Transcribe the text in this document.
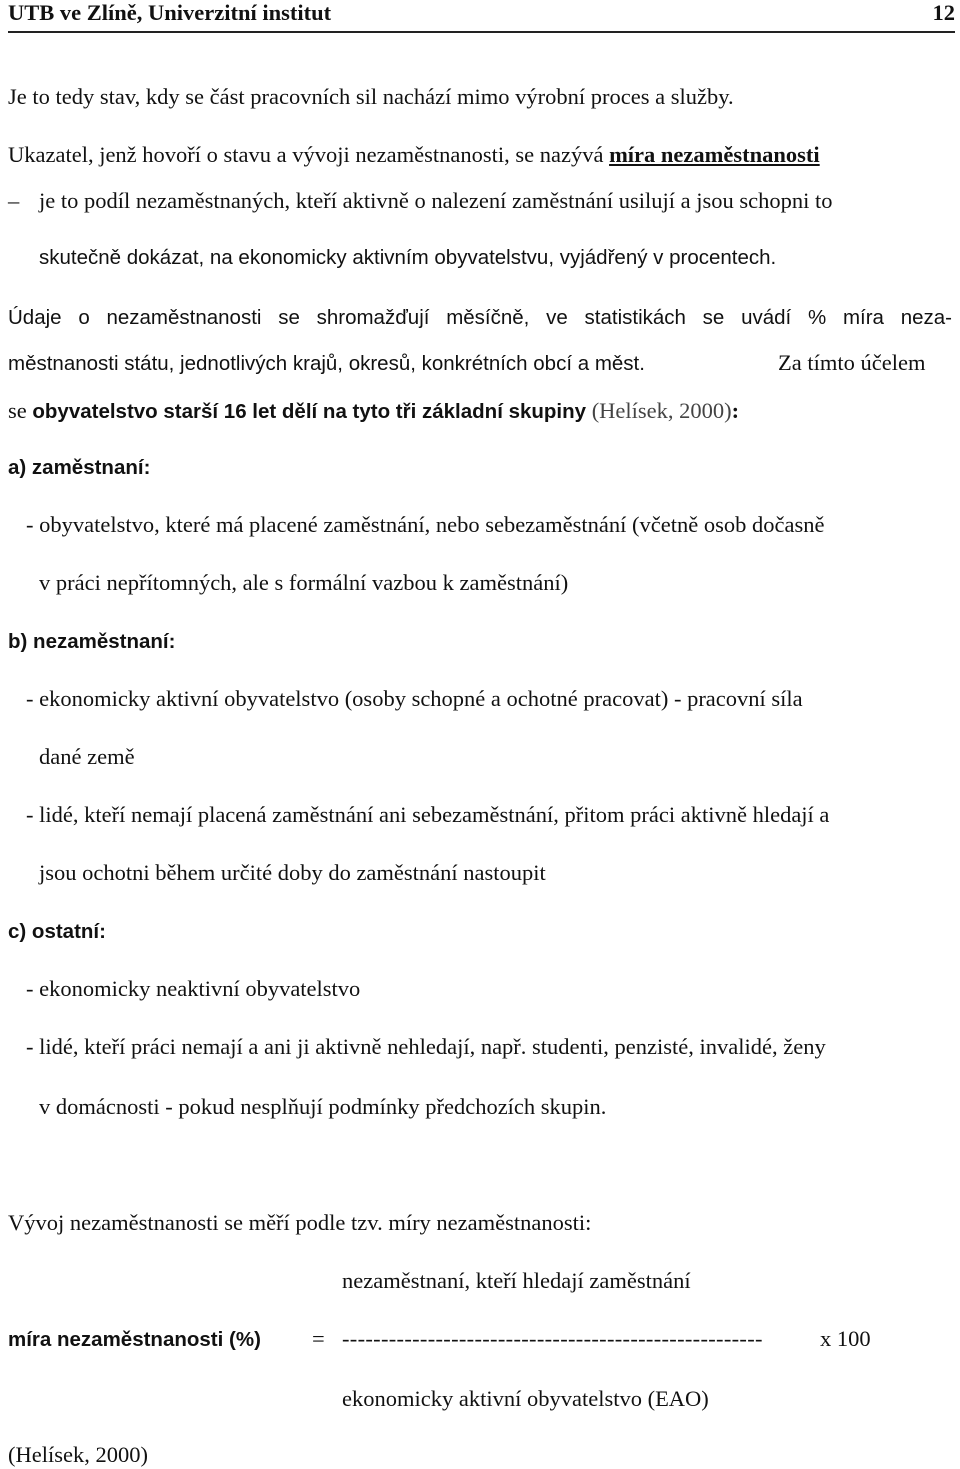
UTB ve Zlíně, Univerzitní institut	12
Je to tedy stav, kdy se část pracovních sil nachází mimo výrobní proces a služby.
Ukazatel, jenž hovoří o stavu a vývoji nezaměstnanosti, se nazývá míra nezaměstnanosti
– je to podíl nezaměstnaných, kteří aktivně o nalezení zaměstnání usilují a jsou schopni to
skutečně dokázat, na ekonomicky aktivním obyvatelstvu, vyjádřený v procentech.
Údaje o nezaměstnanosti se shromažďují měsíčně, ve statistikách se uvádí % míra neza-
městnanosti státu, jednotlivých krajů, okresů, konkrétních obcí a měst.	Za tímto účelem
se obyvatelstvo starší 16 let dělí na tyto tři základní skupiny (Helísek, 2000):
a) zaměstnaní:
- obyvatelstvo, které má placené zaměstnání, nebo sebezaměstnání (včetně osob dočasně
v práci nepřítomných, ale s formální vazbou k zaměstnání)
b) nezaměstnaní:
- ekonomicky aktivní obyvatelstvo (osoby schopné a ochotné pracovat) - pracovní síla
dané země
- lidé, kteří nemají placená zaměstnání ani sebezaměstnání, přitom práci aktivně hledají a
jsou ochotni během určité doby do zaměstnání nastoupit
c) ostatní:
- ekonomicky neaktivní obyvatelstvo
- lidé, kteří práci nemají a ani ji aktivně nehledají, např. studenti, penzisté, invalidé, ženy
v domácnosti - pokud nesplňují podmínky předchozích skupin.
Vývoj nezaměstnanosti se měří podle tzv. míry nezaměstnanosti:
nezaměstnaní, kteří hledají zaměstnání
míra nezaměstnanosti (%) = ------------------------------------------------------	x 100
ekonomicky aktivní obyvatelstvo (EAO)
(Helísek, 2000)
